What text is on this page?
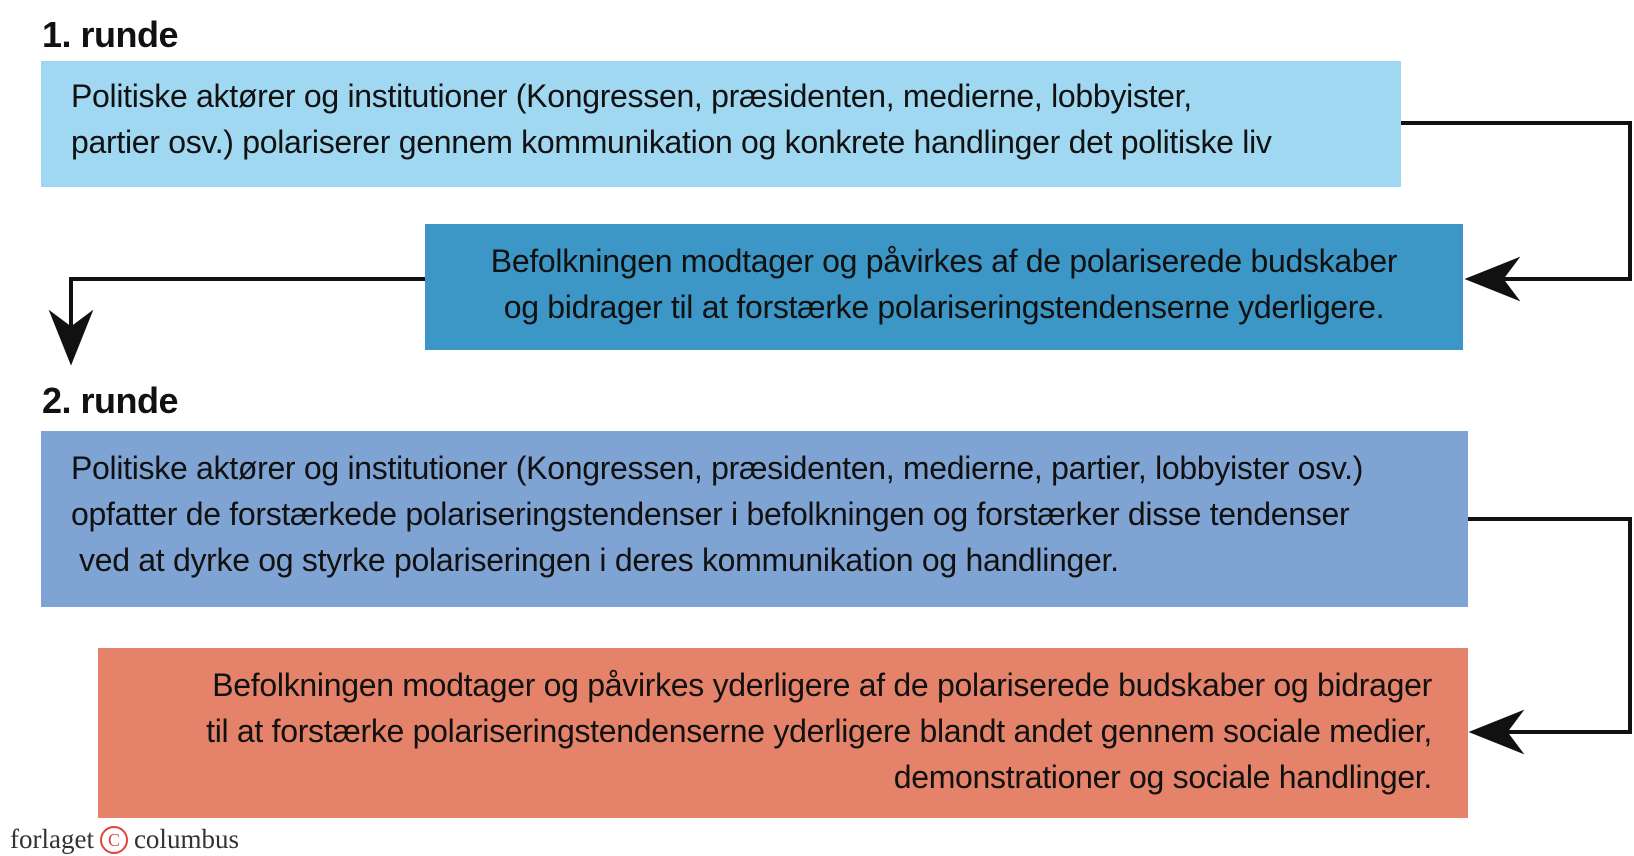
1. runde
Politiske aktører og institutioner (Kongressen, præsidenten, medierne, lobbyister,
partier osv.) polariserer gennem kommunikation og konkrete handlinger det politiske liv
Befolkningen modtager og påvirkes af de polariserede budskaber
og bidrager til at forstærke polariseringstendenserne yderligere.
2. runde
Politiske aktører og institutioner (Kongressen, præsidenten, medierne, partier, lobbyister osv.)
opfatter de forstærkede polariseringstendenser i befolkningen og forstærker disse tendenser
ved at dyrke og styrke polariseringen i deres kommunikation og handlinger.
Befolkningen modtager og påvirkes yderligere af de polariserede budskaber og bidrager
til at forstærke polariseringstendenserne yderligere blandt andet gennem sociale medier,
demonstrationer og sociale handlinger.
forlaget C columbus
